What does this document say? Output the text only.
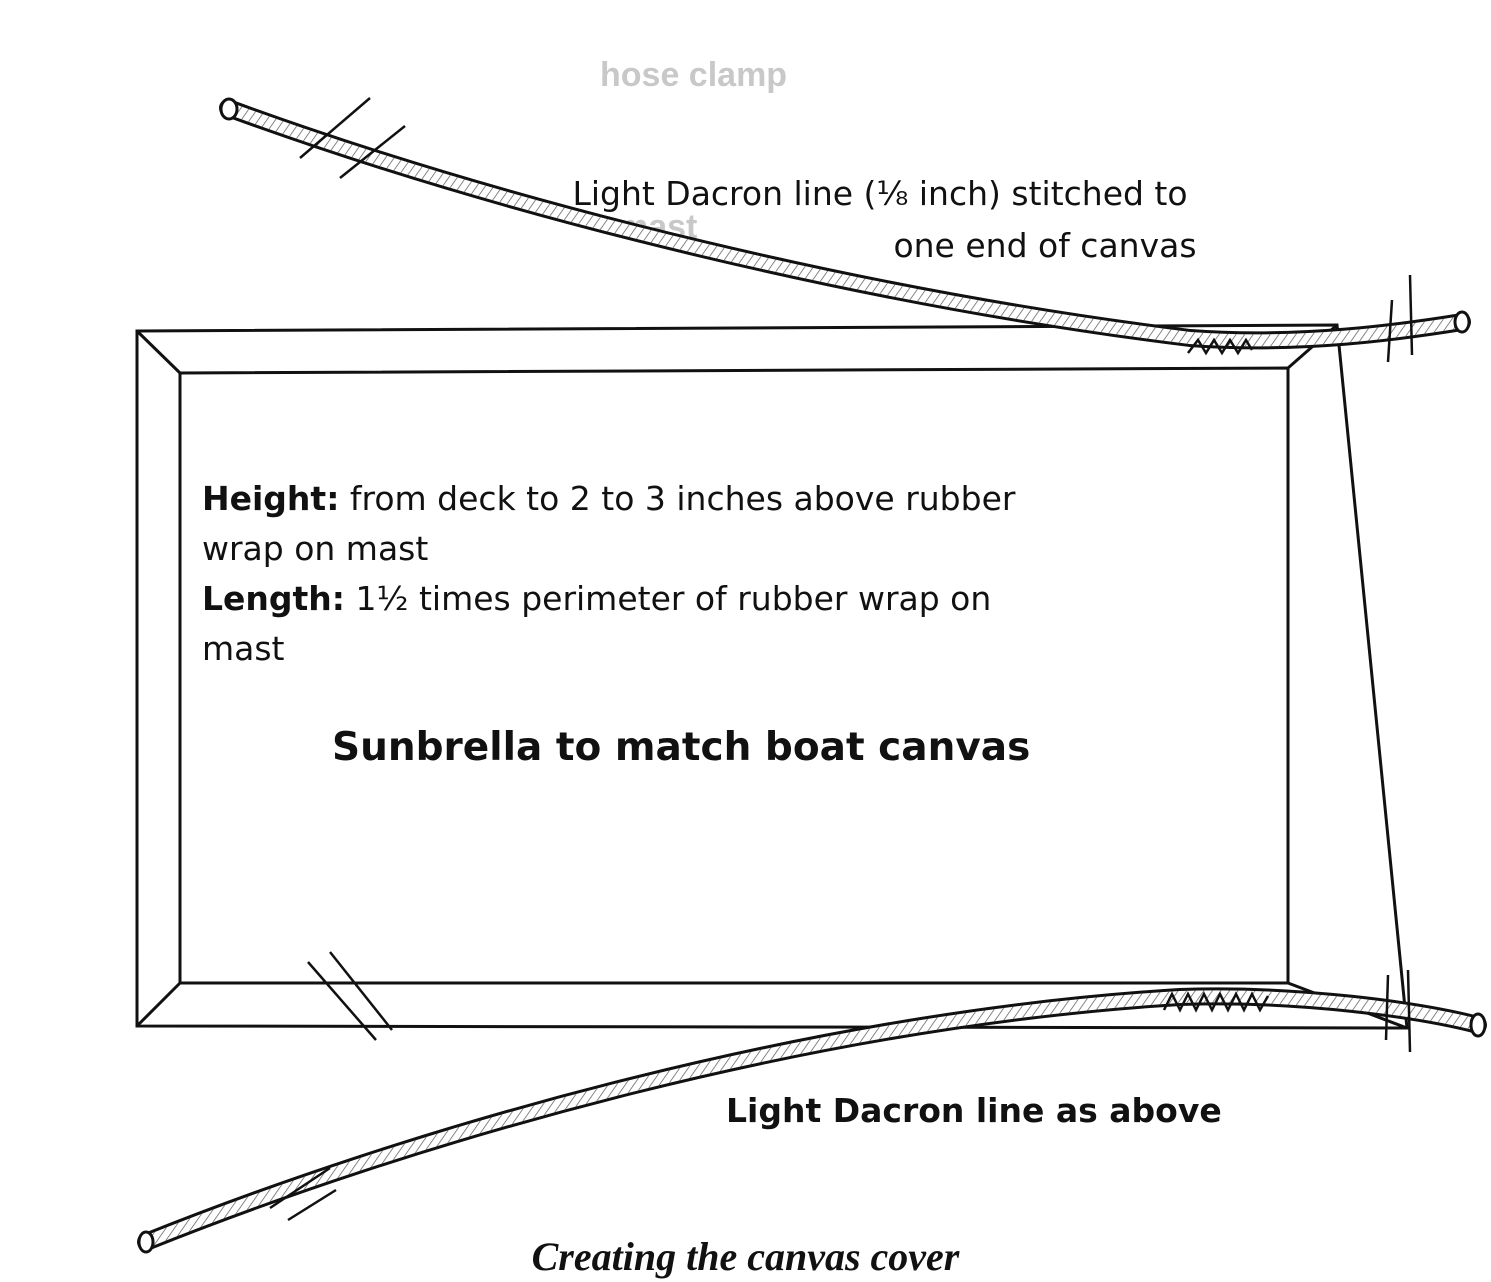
hose clamp
mast
Light Dacron line (⅛ inch) stitched to
one end of canvas
Height: from deck to 2 to 3 inches above rubber wrap on mast
Length: 1½ times perimeter of rubber wrap on mast
Sunbrella to match boat canvas
Light Dacron line as above
Creating the canvas cover
